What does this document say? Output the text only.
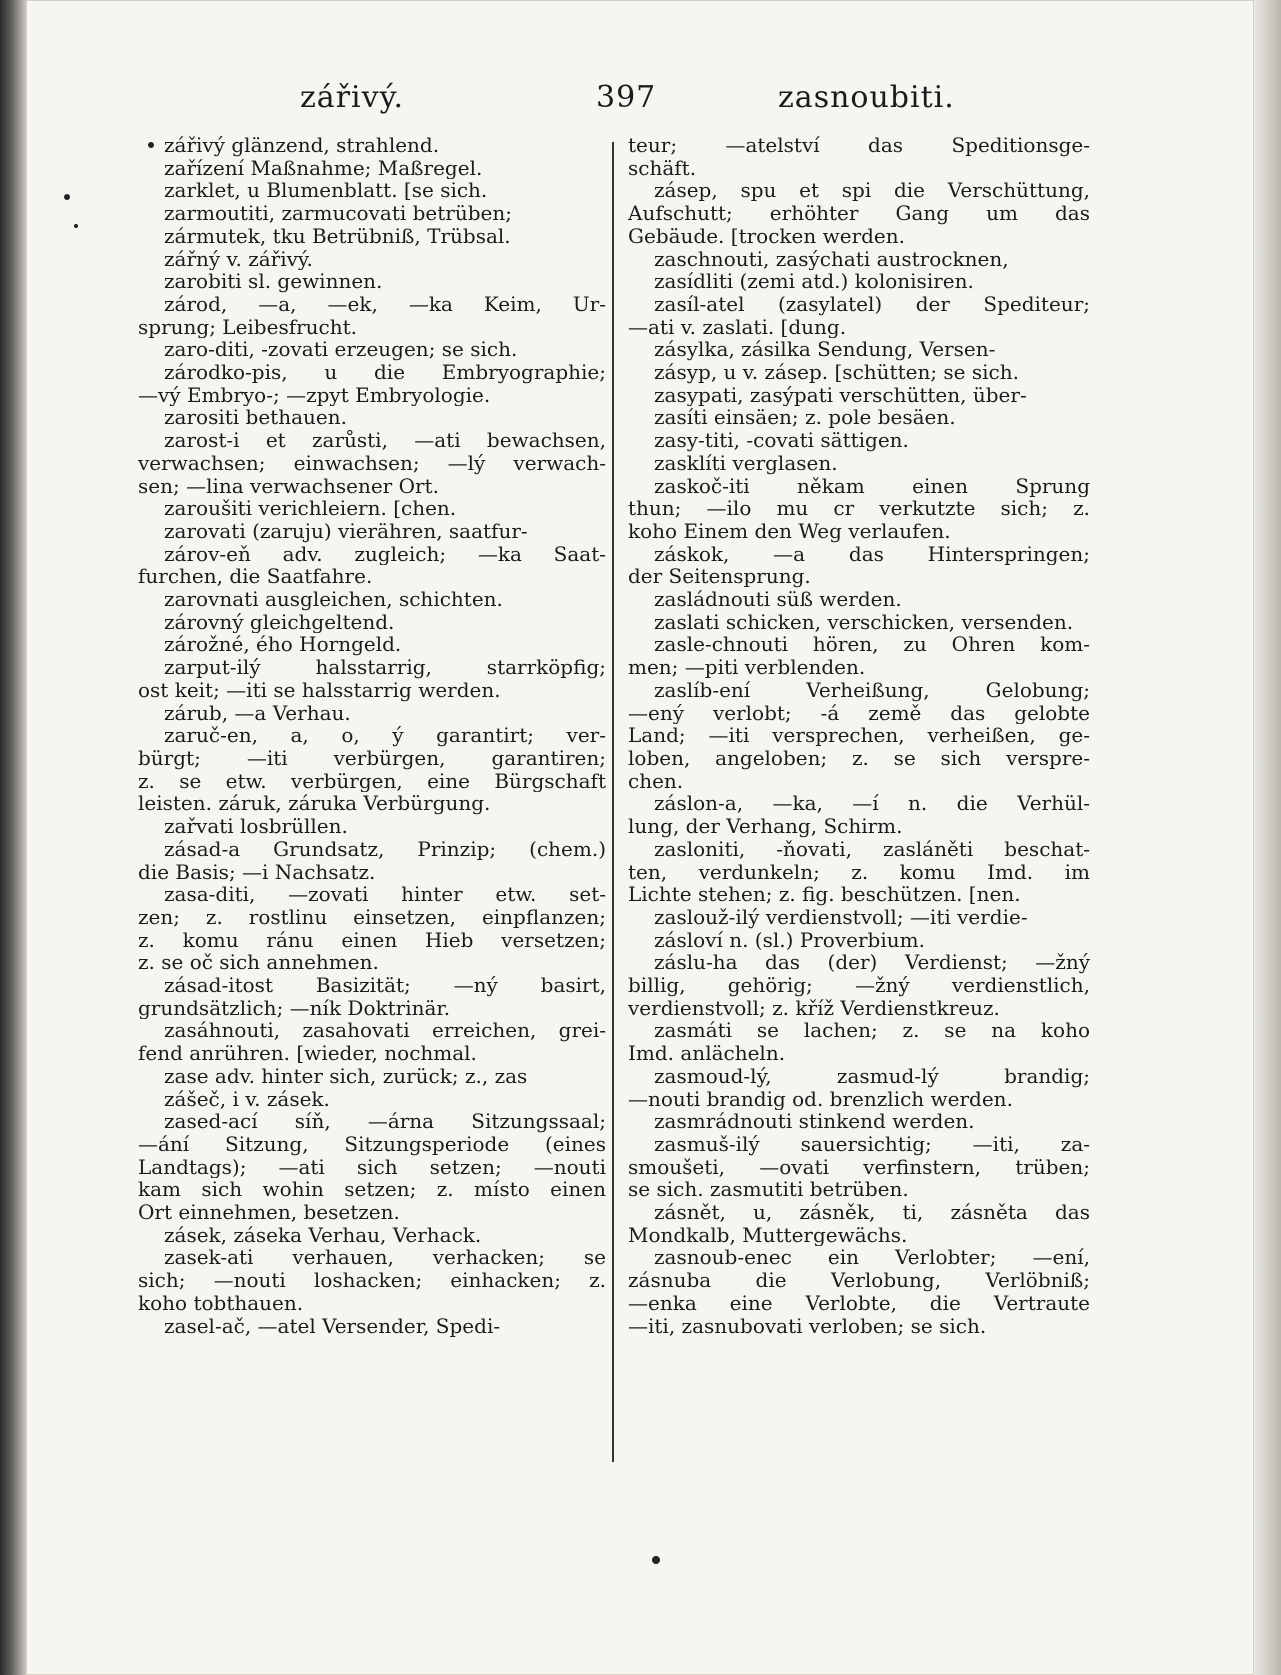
zářivý.	397	zasnoubiti.
zářivý glänzend, strahlend.
zařízení Maßnahme; Maßregel.
zarklet, u Blumenblatt. [se sich.
zarmoutiti, zarmucovati betrüben;
zármutek, tku Betrübniß, Trübsal.
zářný v. zářivý.
zarobiti sl. gewinnen.
zárod, —a, —ek, —ka Keim, Ur-
sprung; Leibesfrucht.
zaro-diti, -zovati erzeugen; se sich.
zárodko-pis, u die Embryographie;
—vý Embryo-; —zpyt Embryologie.
zarositi bethauen.
zarost-i et zarůsti, —ati bewachsen,
verwachsen; einwachsen; —lý verwach-
sen; —lina verwachsener Ort.
zaroušiti verichleiern. [chen.
zarovati (zaruju) vierähren, saatfur-
zárov-eň adv. zugleich; —ka Saat-
furchen, die Saatfahre.
zarovnati ausgleichen, schichten.
zárovný gleichgeltend.
zárožné, ého Horngeld.
zarput-ilý halsstarrig, starrköpfig;
ost keit; —iti se halsstarrig werden.
zárub, —a Verhau.
zaruč-en, a, o, ý garantirt; ver-
bürgt; —iti verbürgen, garantiren;
z. se etw. verbürgen, eine Bürgschaft
leisten. záruk, záruka Verbürgung.
zařvati losbrüllen.
zásad-a Grundsatz, Prinzip; (chem.)
die Basis; —i Nachsatz.
zasa-diti, —zovati hinter etw. set-
zen; z. rostlinu einsetzen, einpflanzen;
z. komu ránu einen Hieb versetzen;
z. se oč sich annehmen.
zásad-itost Basizität; —ný basirt,
grundsätzlich; —ník Doktrinär.
zasáhnouti, zasahovati erreichen, grei-
fend anrühren. [wieder, nochmal.
zase adv. hinter sich, zurück; z., zas
zášeč, i v. zásek.
zased-ací síň, —árna Sitzungssaal;
—ání Sitzung, Sitzungsperiode (eines
Landtags); —ati sich setzen; —nouti
kam sich wohin setzen; z. místo einen
Ort einnehmen, besetzen.
zásek, záseka Verhau, Verhack.
zasek-ati verhauen, verhacken; se
sich; —nouti loshacken; einhacken; z.
koho tobthauen.
zasel-ač, —atel Versender, Spedi-
teur; —atelství das Speditionsge-
schäft.
zásep, spu et spi die Verschüttung,
Aufschutt; erhöhter Gang um das
Gebäude. [trocken werden.
zaschnouti, zasýchati austrocknen,
zasídliti (zemi atd.) kolonisiren.
zasíl-atel (zasylatel) der Spediteur;
—ati v. zaslati. [dung.
zásylka, zásilka Sendung, Versen-
zásyp, u v. zásep. [schütten; se sich.
zasypati, zasýpati verschütten, über-
zasíti einsäen; z. pole besäen.
zasy-titi, -covati sättigen.
zasklíti verglasen.
zaskoč-iti někam einen Sprung
thun; —ilo mu cr verkutzte sich; z.
koho Einem den Weg verlaufen.
záskok, —a das Hinterspringen;
der Seitensprung.
zasládnouti süß werden.
zaslati schicken, verschicken, versenden.
zasle-chnouti hören, zu Ohren kom-
men; —piti verblenden.
zaslíb-ení Verheißung, Gelobung;
—ený verlobt; -á země das gelobte
Land; —iti versprechen, verheißen, ge-
loben, angeloben; z. se sich verspre-
chen.
záslon-a, —ka, —í n. die Verhül-
lung, der Verhang, Schirm.
zasloniti, -ňovati, zasláněti beschat-
ten, verdunkeln; z. komu Imd. im
Lichte stehen; z. fig. beschützen. [nen.
zaslouž-ilý verdienstvoll; —iti verdie-
zásloví n. (sl.) Proverbium.
záslu-ha das (der) Verdienst; —žný
billig, gehörig; —žný verdienstlich,
verdienstvoll; z. kříž Verdienstkreuz.
zasmáti se lachen; z. se na koho
Imd. anlächeln.
zasmoud-lý, zasmud-lý brandig;
—nouti brandig od. brenzlich werden.
zasmrádnouti stinkend werden.
zasmuš-ilý sauersichtig; —iti, za-
smoušeti, —ovati verfinstern, trüben;
se sich. zasmutiti betrüben.
zásnět, u, zásněk, ti, zásněta das
Mondkalb, Muttergewächs.
zasnoub-enec ein Verlobter; —ení,
zásnuba die Verlobung, Verlöbniß;
—enka eine Verlobte, die Vertraute
—iti, zasnubovati verloben; se sich.
